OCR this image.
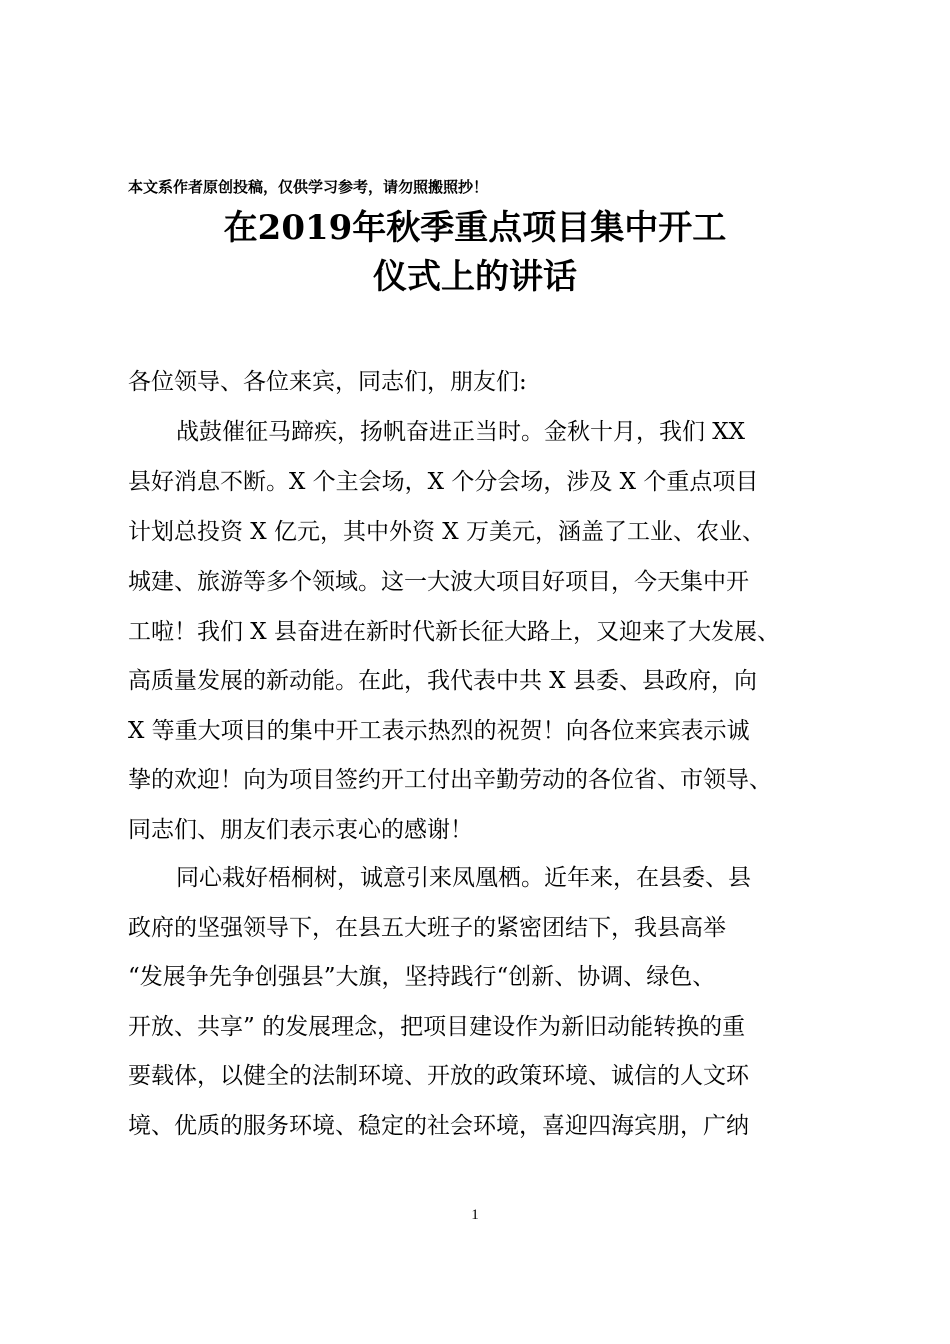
本文系作者原创投稿，仅供学习参考，请勿照搬照抄！
在2019年秋季重点项目集中开工
仪式上的讲话
各位领导、各位来宾，同志们，朋友们:
战鼓催征马蹄疾，扬帆奋进正当时。金秋十月，我们 XX
县好消息不断。X 个主会场，X 个分会场，涉及 X 个重点项目
计划总投资 X 亿元，其中外资 X 万美元，涵盖了工业、农业、
城建、旅游等多个领域。这一大波大项目好项目，今天集中开
工啦！我们 X 县奋进在新时代新长征大路上，又迎来了大发展、
高质量发展的新动能。在此，我代表中共 X 县委、县政府，向
X 等重大项目的集中开工表示热烈的祝贺！向各位来宾表示诚
挚的欢迎！向为项目签约开工付出辛勤劳动的各位省、市领导、
同志们、朋友们表示衷心的感谢！
同心栽好梧桐树，诚意引来凤凰栖。近年来，在县委、县
政府的坚强领导下，在县五大班子的紧密团结下，我县高举
“发展争先争创强县”大旗，坚持践行“创新、协调、绿色、
开放、共享” 的发展理念，把项目建设作为新旧动能转换的重
要载体，以健全的法制环境、开放的政策环境、诚信的人文环
境、优质的服务环境、稳定的社会环境，喜迎四海宾朋，广纳
1
